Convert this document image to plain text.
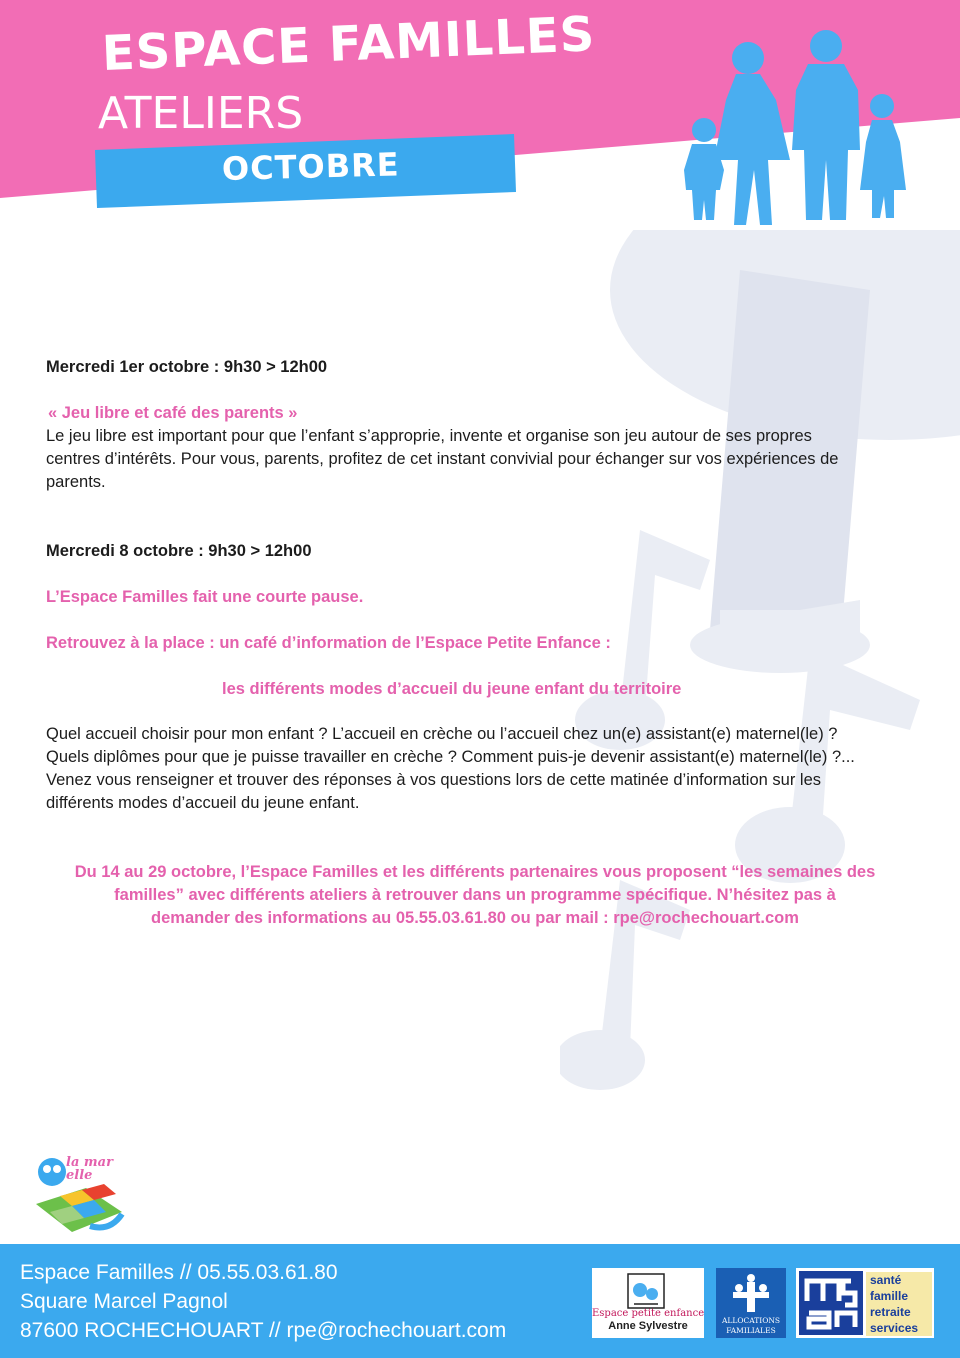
ESPACE FAMILLES
ATELIERS
OCTOBRE
Mercredi 1er octobre : 9h30 > 12h00
« Jeu libre et café des parents »
Le jeu libre est important pour que l’enfant s’approprie, invente et organise son jeu autour de ses propres
centres d’intérêts. Pour vous, parents, profitez de cet instant convivial pour échanger sur vos expériences de
parents.
Mercredi 8 octobre : 9h30 > 12h00
L’Espace Familles fait une courte pause.
Retrouvez à la place : un café d’information de l’Espace Petite Enfance :
les différents modes d’accueil du jeune enfant du territoire
Quel accueil choisir pour mon enfant ? L’accueil en crèche ou l’accueil chez un(e) assistant(e) maternel(le) ?
Quels diplômes pour que je puisse travailler en crèche ? Comment puis-je devenir assistant(e) maternel(le) ?...
Venez vous renseigner et trouver des réponses à vos questions lors de cette matinée d’information sur les
différents modes d’accueil du jeune enfant.
Du 14 au 29 octobre, l’Espace Familles et les différents partenaires vous proposent “les semaines des
familles” avec différents ateliers à retrouver dans un programme spécifique. N’hésitez pas à
demander des informations au 05.55.03.61.80 ou par mail : rpe@rochechouart.com
la mar elle
Espace Familles // 05.55.03.61.80
Square Marcel Pagnol
87600 ROCHECHOUART // rpe@rochechouart.com
Espace petite enfance
Anne Sylvestre	ALLOCATIONS
FAMILIALES
santé
famille
retraite
services
